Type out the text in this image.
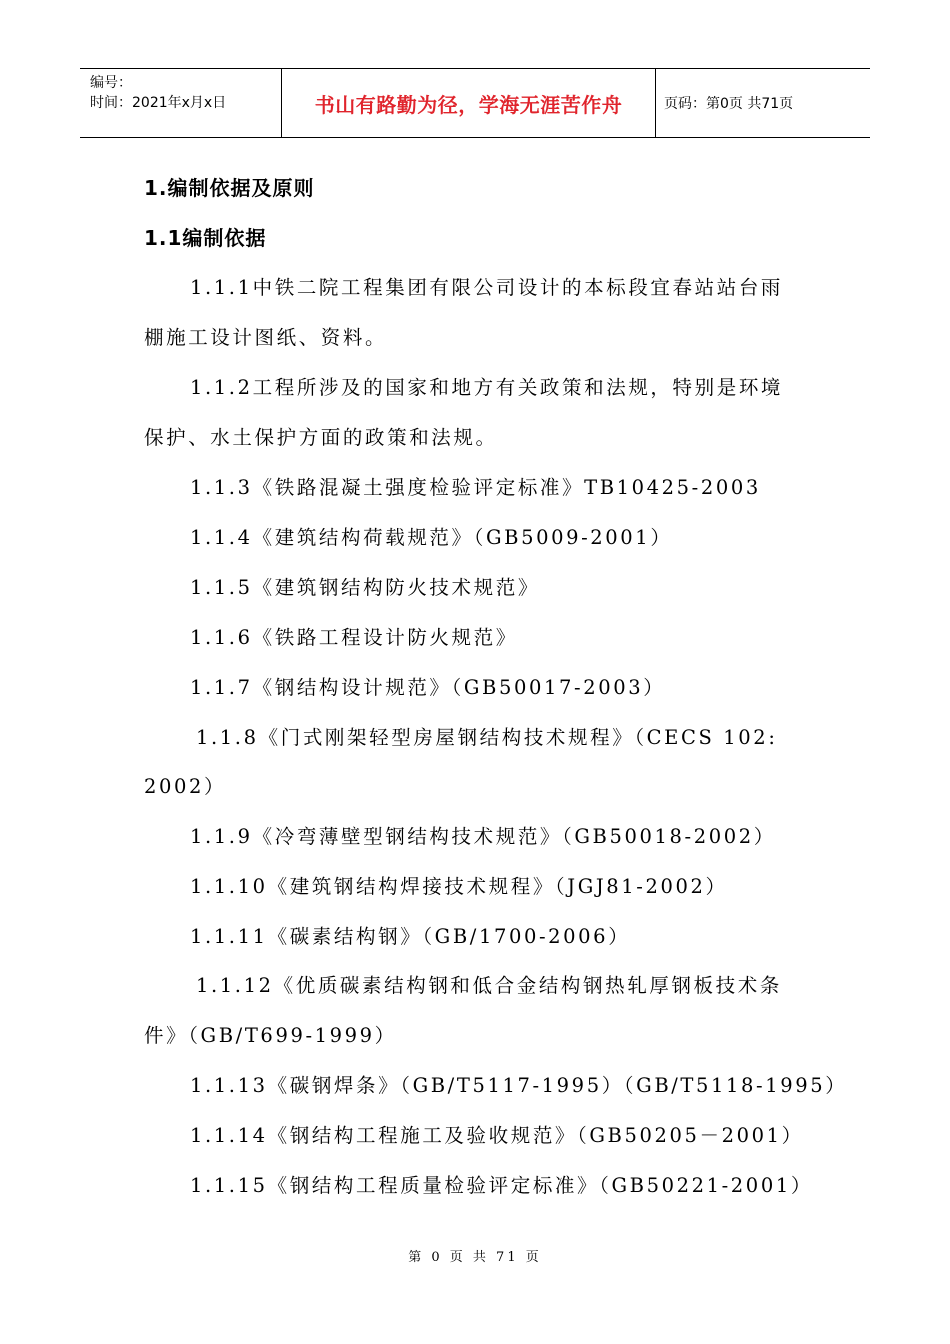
编号：
时间：2021年x月x日	书山有路勤为径，学海无涯苦作舟	页码：第0页 共71页
1.编制依据及原则
1.1编制依据
1.1.1中铁二院工程集团有限公司设计的本标段宜春站站台雨
棚施工设计图纸、资料。
1.1.2工程所涉及的国家和地方有关政策和法规，特别是环境
保护、水土保护方面的政策和法规。
1.1.3《铁路混凝土强度检验评定标准》TB10425-2003
1.1.4《建筑结构荷载规范》（GB5009-2001）
1.1.5《建筑钢结构防火技术规范》
1.1.6《铁路工程设计防火规范》
1.1.7《钢结构设计规范》（GB50017-2003）
1.1.8《门式刚架轻型房屋钢结构技术规程》（CECS 102:
2002）
1.1.9《冷弯薄壁型钢结构技术规范》（GB50018-2002）
1.1.10《建筑钢结构焊接技术规程》（JGJ81-2002）
1.1.11《碳素结构钢》（GB/1700-2006）
1.1.12《优质碳素结构钢和低合金结构钢热轧厚钢板技术条
件》（GB/T699-1999）
1.1.13《碳钢焊条》（GB/T5117-1995）（GB/T5118-1995）
1.1.14《钢结构工程施工及验收规范》（GB50205－2001）
1.1.15《钢结构工程质量检验评定标准》（GB50221-2001）
第 0 页 共 71 页
